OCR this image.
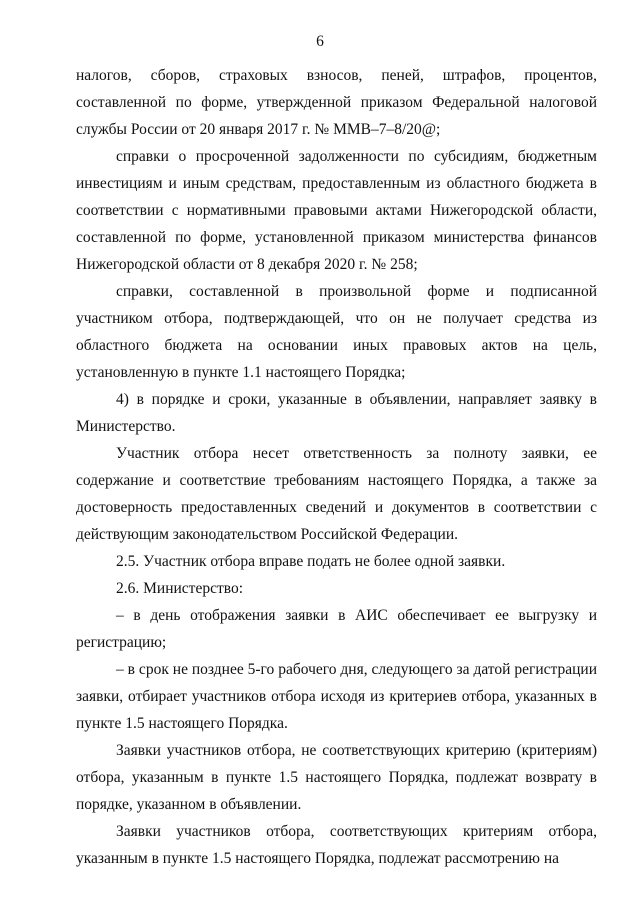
6

налогов, сборов, страховых взносов, пеней, штрафов, процентов, составленной по форме, утвержденной приказом Федеральной налоговой службы России от 20 января 2017 г. № ММВ–7–8/20@;

справки о просроченной задолженности по субсидиям, бюджетным инвестициям и иным средствам, предоставленным из областного бюджета в соответствии с нормативными правовыми актами Нижегородской области, составленной по форме, установленной приказом министерства финансов Нижегородской области от 8 декабря 2020 г. № 258;

справки, составленной в произвольной форме и подписанной участником отбора, подтверждающей, что он не получает средства из областного бюджета на основании иных правовых актов на цель, установленную в пункте 1.1 настоящего Порядка;

4) в порядке и сроки, указанные в объявлении, направляет заявку в Министерство.

Участник отбора несет ответственность за полноту заявки, ее содержание и соответствие требованиям настоящего Порядка, а также за достоверность предоставленных сведений и документов в соответствии с действующим законодательством Российской Федерации.

2.5. Участник отбора вправе подать не более одной заявки.

2.6. Министерство:

– в день отображения заявки в АИС обеспечивает ее выгрузку и регистрацию;

– в срок не позднее 5-го рабочего дня, следующего за датой регистрации заявки, отбирает участников отбора исходя из критериев отбора, указанных в пункте 1.5 настоящего Порядка.

Заявки участников отбора, не соответствующих критерию (критериям) отбора, указанным в пункте 1.5 настоящего Порядка, подлежат возврату в порядке, указанном в объявлении.

Заявки участников отбора, соответствующих критериям отбора, указанным в пункте 1.5 настоящего Порядка, подлежат рассмотрению на
